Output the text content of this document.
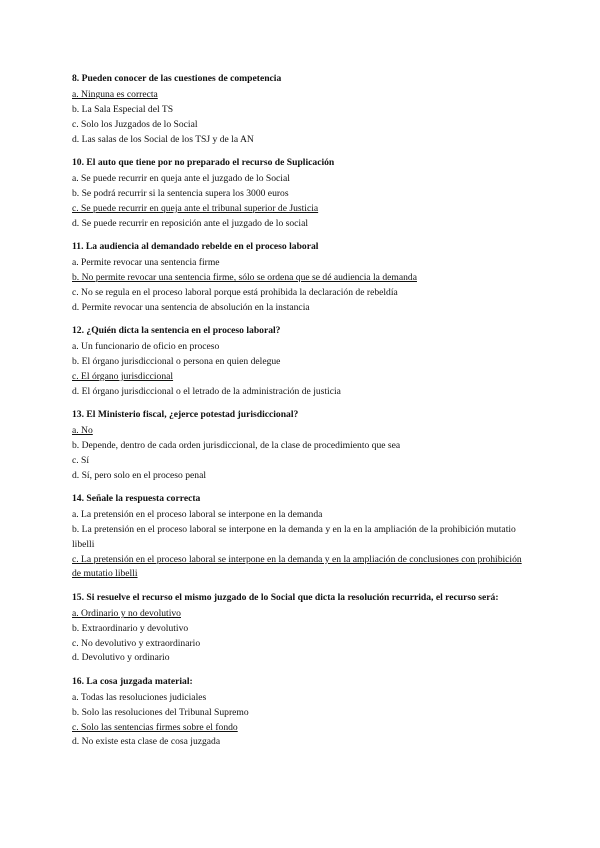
8. Pueden conocer de las cuestiones de competencia
a. Ninguna es correcta
b. La Sala Especial del TS
c. Solo los Juzgados de lo Social
d. Las salas de los Social de los TSJ y de la AN
10. El auto que tiene por no preparado el recurso de Suplicación
a. Se puede recurrir en queja ante el juzgado de lo Social
b. Se podrá recurrir si la sentencia supera los 3000 euros
c. Se puede recurrir en queja ante el tribunal superior de Justicia
d. Se puede recurrir en reposición ante el juzgado de lo social
11. La audiencia al demandado rebelde en el proceso laboral
a. Permite revocar una sentencia firme
b. No permite revocar una sentencia firme, sólo se ordena que se dé audiencia la demanda
c. No se regula en el proceso laboral porque está prohibida la declaración de rebeldía
d. Permite revocar una sentencia de absolución en la instancia
12. ¿Quién dicta la sentencia en el proceso laboral?
a. Un funcionario de oficio en proceso
b. El órgano jurisdiccional o persona en quien delegue
c. El órgano jurisdiccional
d. El órgano jurisdiccional o el letrado de la administración de justicia
13. El Ministerio fiscal, ¿ejerce potestad jurisdiccional?
a. No
b. Depende, dentro de cada orden jurisdiccional, de la clase de procedimiento que sea
c. Sí
d. Sí, pero solo en el proceso penal
14. Señale la respuesta correcta
a. La pretensión en el proceso laboral se interpone en la demanda
b. La pretensión en el proceso laboral se interpone en la demanda y en la en la ampliación de la prohibición mutatio libelli
c. La pretensión en el proceso laboral se interpone en la demanda y en la ampliación de conclusiones con prohibición de mutatio libelli
15. Si resuelve el recurso el mismo juzgado de lo Social que dicta la resolución recurrida, el recurso será:
a. Ordinario y no devolutivo
b. Extraordinario y devolutivo
c. No devolutivo y extraordinario
d. Devolutivo y ordinario
16. La cosa juzgada material:
a. Todas las resoluciones judiciales
b. Solo las resoluciones del Tribunal Supremo
c. Solo las sentencias firmes sobre el fondo
d. No existe esta clase de cosa juzgada
